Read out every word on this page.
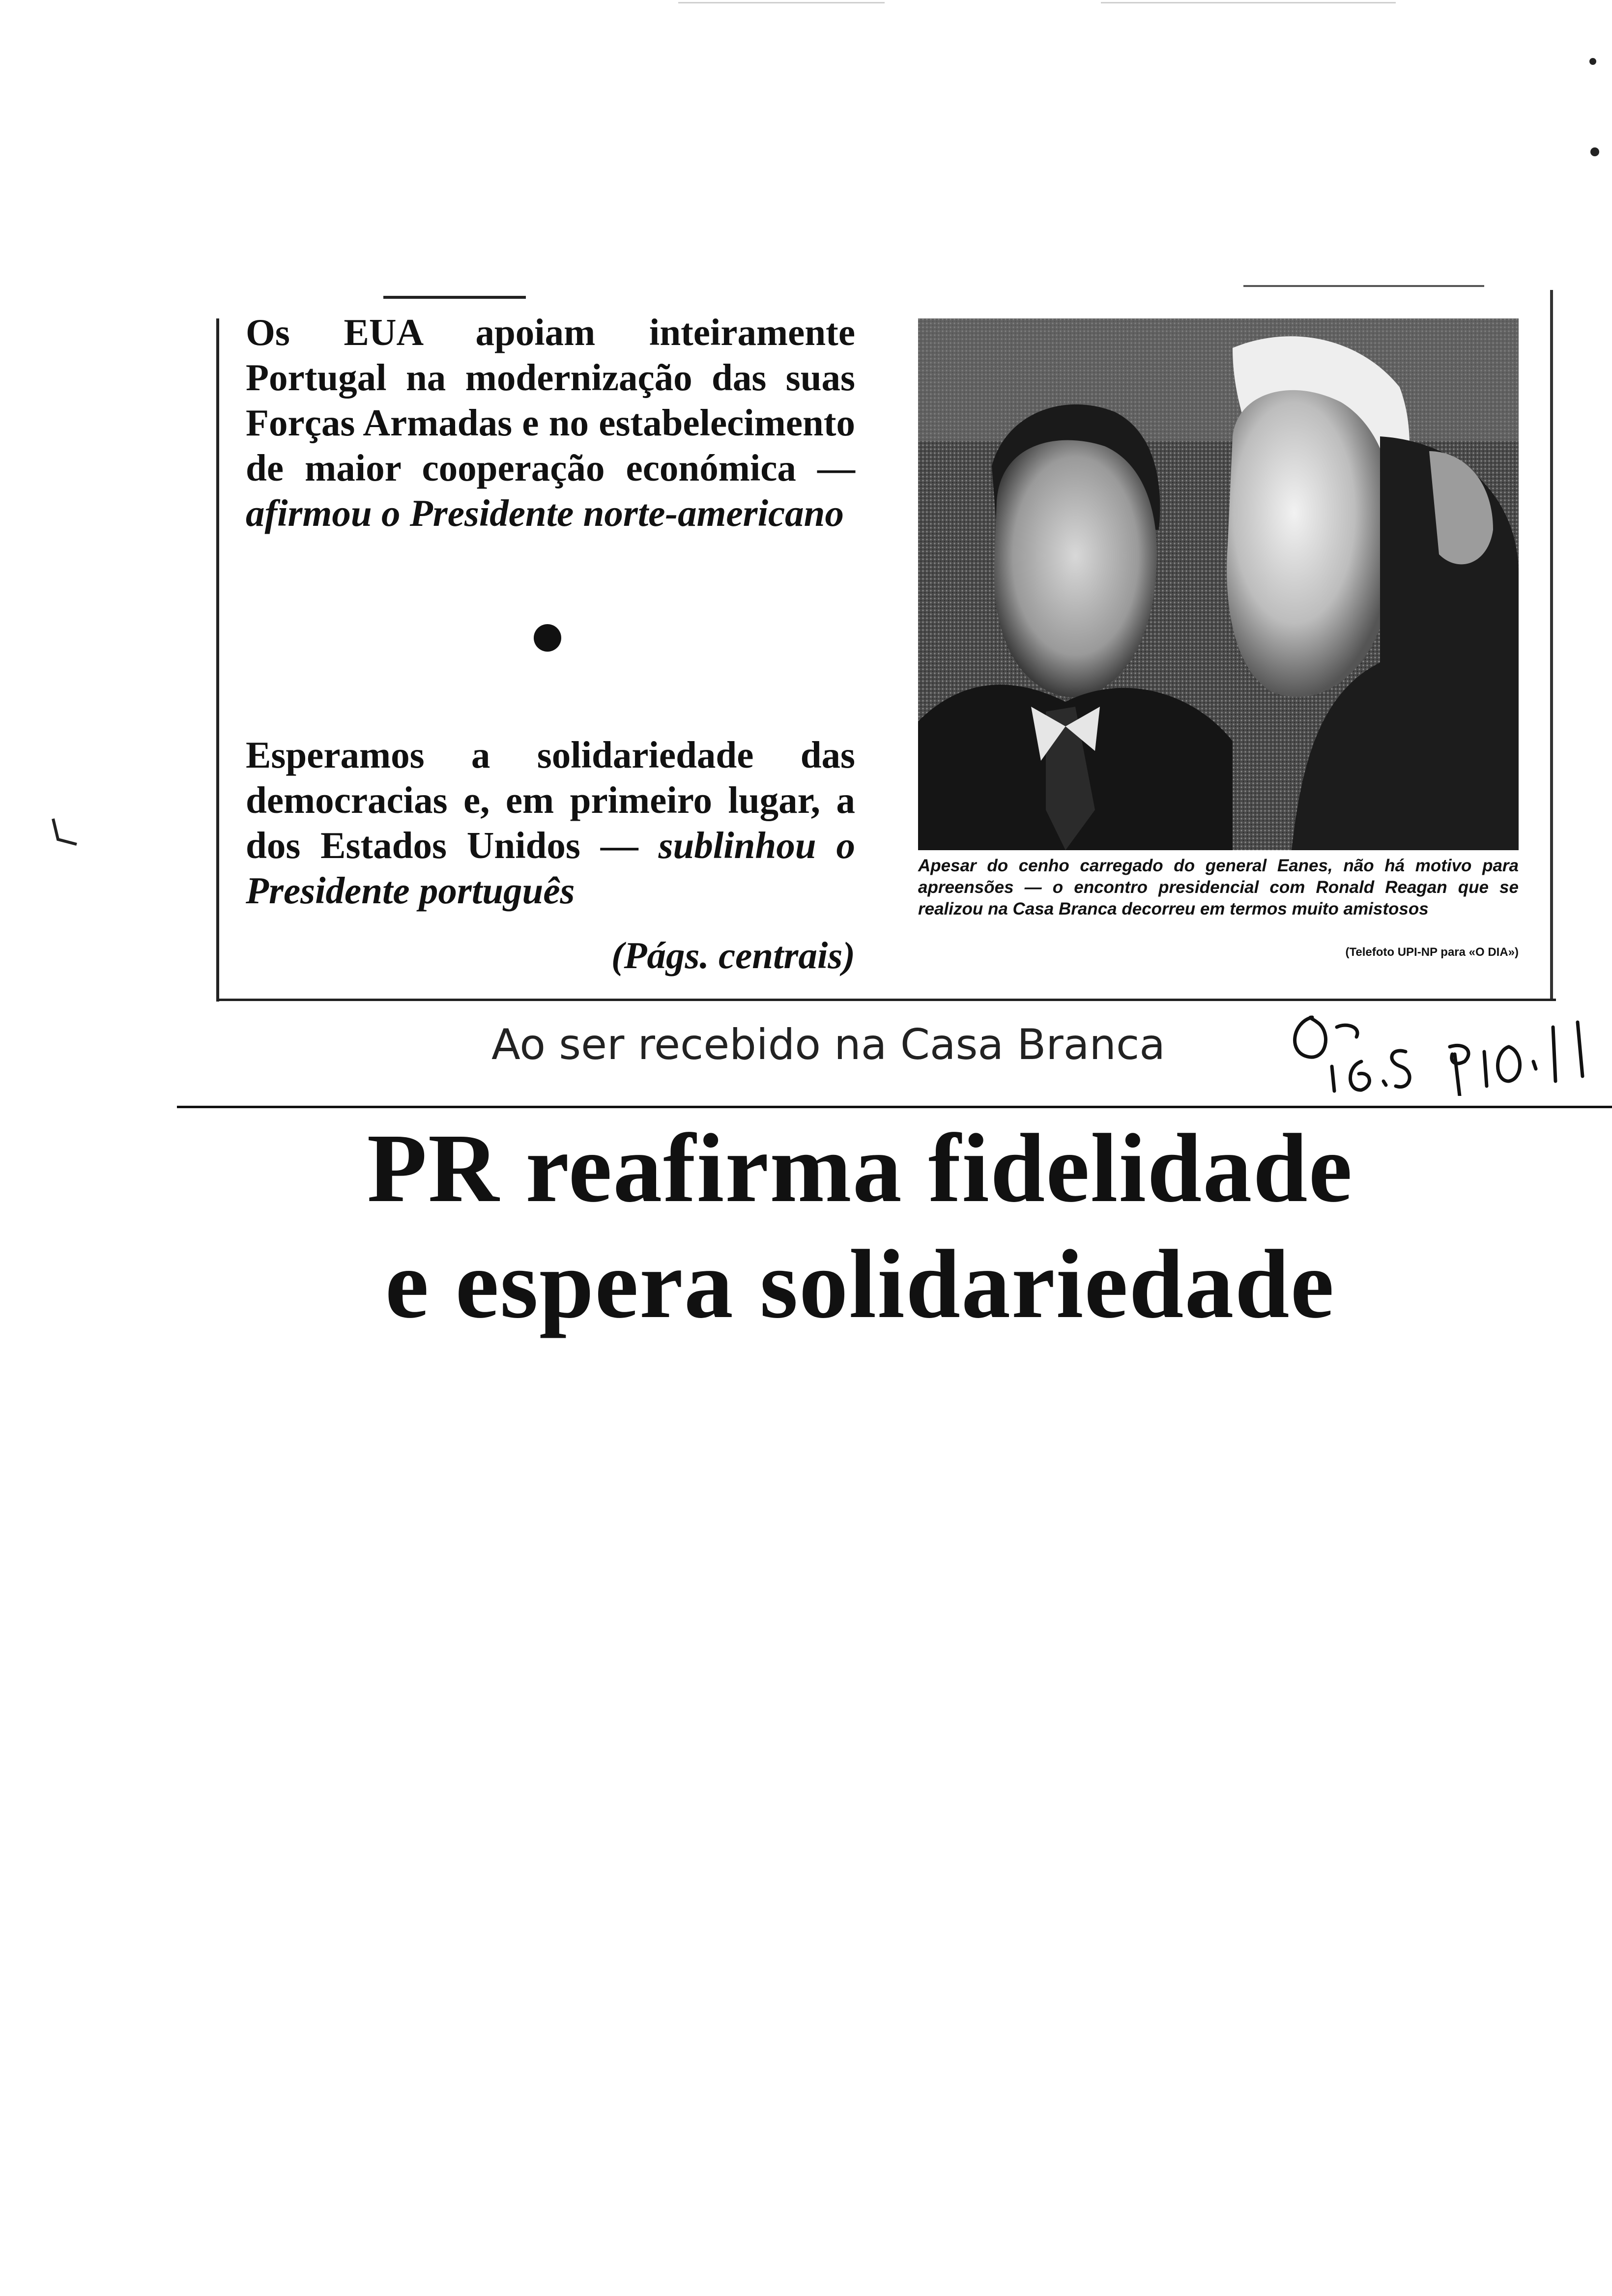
Os EUA apoiam inteiramente Portugal na modernização das suas Forças Armadas e no estabelecimento de maior cooperação económica — afirmou o Presidente norte-americano
Esperamos a solidariedade das democracias e, em primeiro lugar, a dos Estados Unidos — sublinhou o Presidente português
(Págs. centrais)
Apesar do cenho carregado do general Eanes, não há motivo para apreensões — o encontro presidencial com Ronald Reagan que se realizou na Casa Branca decorreu em termos muito amistosos
(Telefoto UPI-NP para «O DIA»)
Ao ser recebido na Casa Branca
PR reafirma fidelidade
e espera solidariedade
